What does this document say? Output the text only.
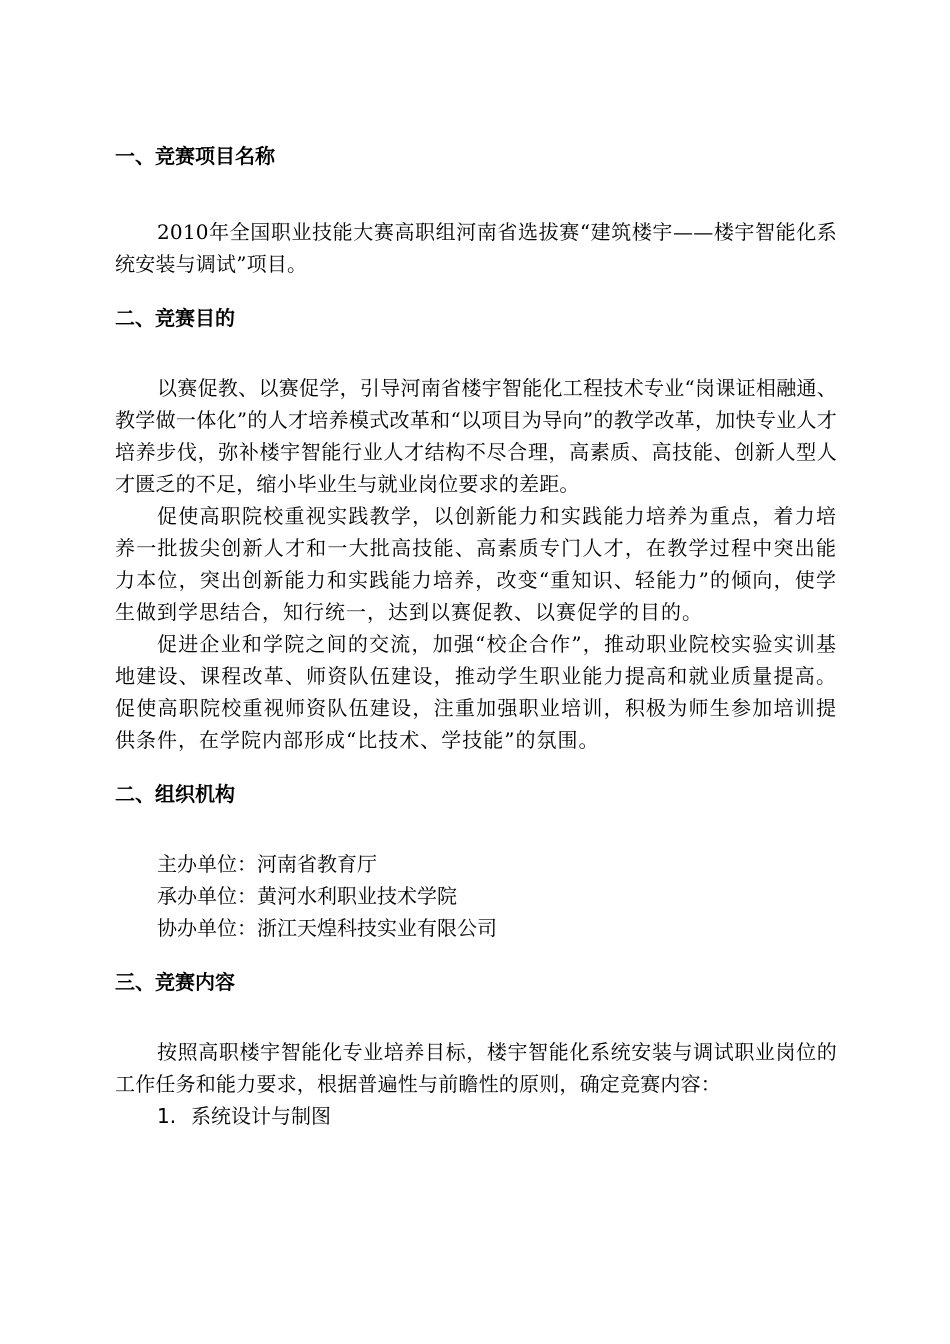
一、竞赛项目名称

2010年全国职业技能大赛高职组河南省选拔赛“建筑楼宇——楼宇智能化系统安装与调试”项目。

二、竞赛目的

以赛促教、以赛促学，引导河南省楼宇智能化工程技术专业“岗课证相融通、教学做一体化”的人才培养模式改革和“以项目为导向”的教学改革，加快专业人才培养步伐，弥补楼宇智能行业人才结构不尽合理，高素质、高技能、创新人型人才匮乏的不足，缩小毕业生与就业岗位要求的差距。

促使高职院校重视实践教学，以创新能力和实践能力培养为重点，着力培养一批拔尖创新人才和一大批高技能、高素质专门人才，在教学过程中突出能力本位，突出创新能力和实践能力培养，改变“重知识、轻能力”的倾向，使学生做到学思结合，知行统一，达到以赛促教、以赛促学的目的。

促进企业和学院之间的交流，加强“校企合作”，推动职业院校实验实训基地建设、课程改革、师资队伍建设，推动学生职业能力提高和就业质量提高。促使高职院校重视师资队伍建设，注重加强职业培训，积极为师生参加培训提供条件，在学院内部形成“比技术、学技能”的氛围。

二、组织机构

主办单位：河南省教育厅

承办单位：黄河水利职业技术学院

协办单位：浙江天煌科技实业有限公司

三、竞赛内容

按照高职楼宇智能化专业培养目标，楼宇智能化系统安装与调试职业岗位的工作任务和能力要求，根据普遍性与前瞻性的原则，确定竞赛内容：

1. 系统设计与制图
